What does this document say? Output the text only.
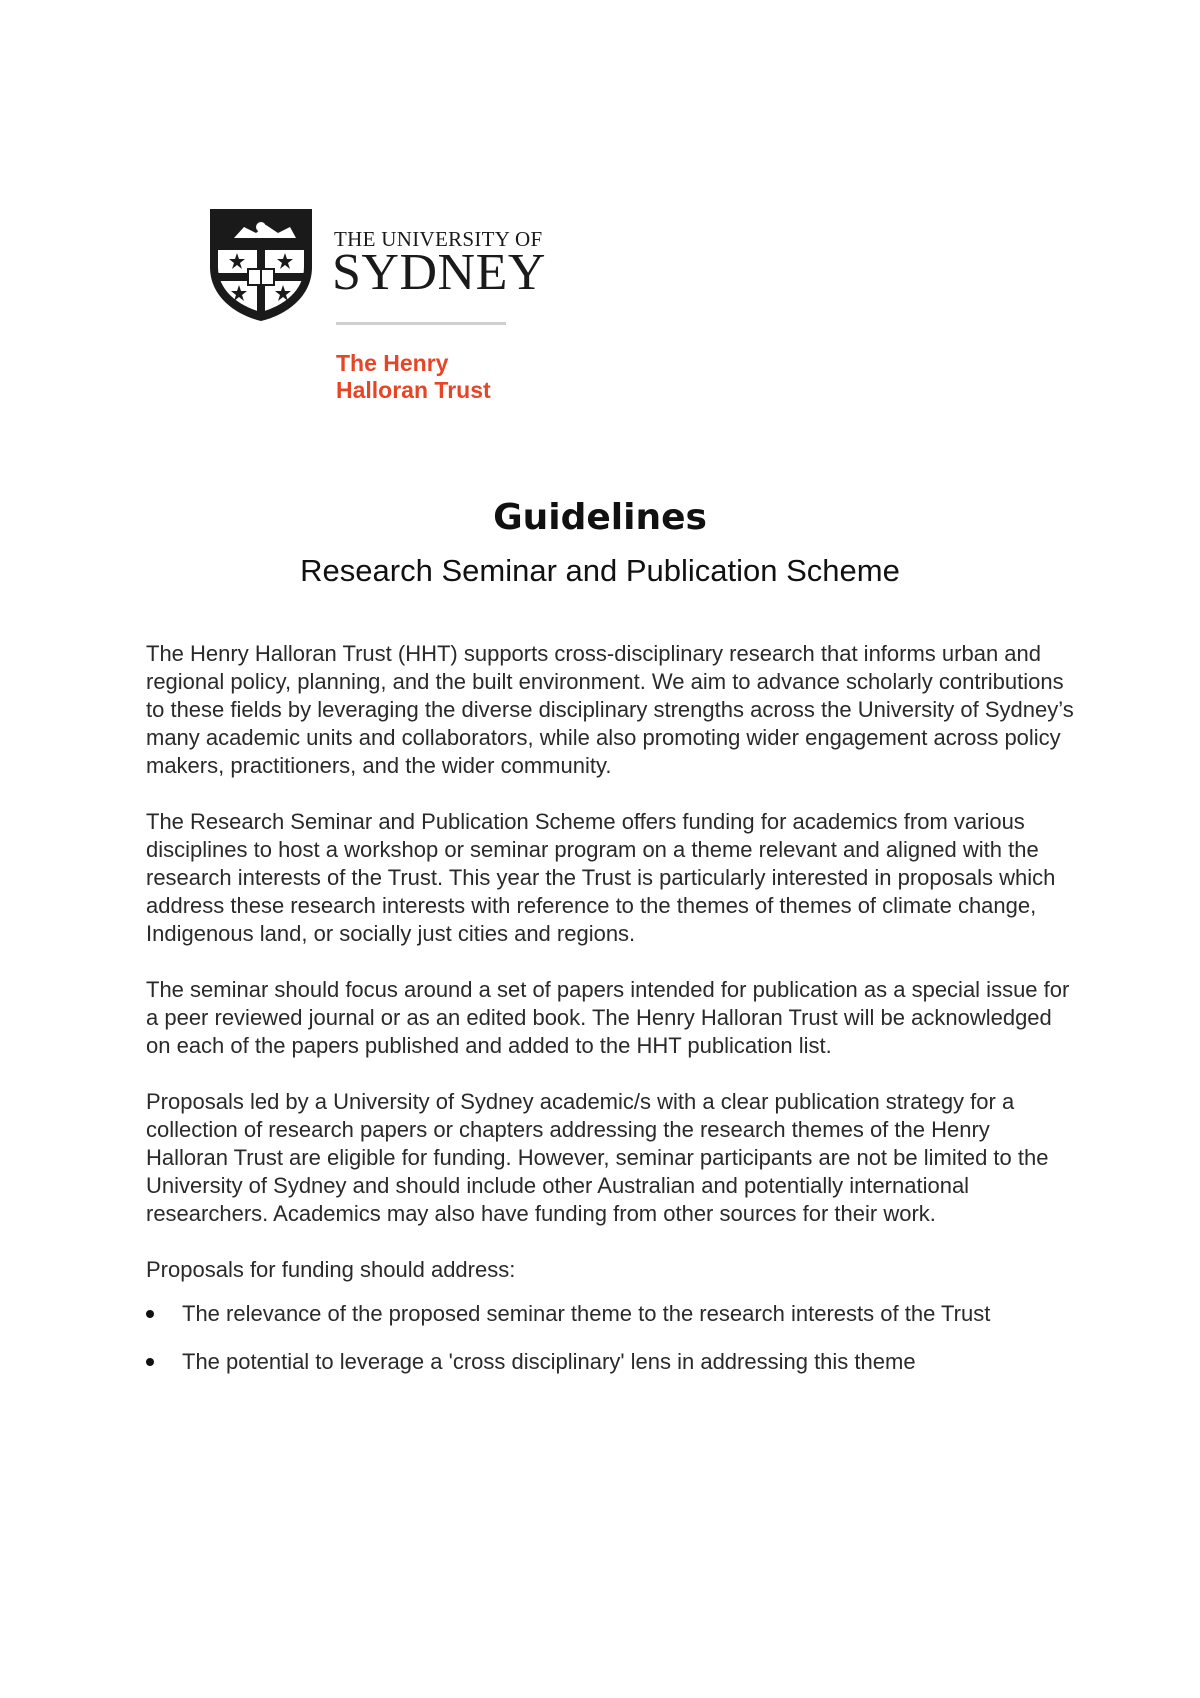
THE UNIVERSITY OF
SYDNEY
The Henry
Halloran Trust
Guidelines
Research Seminar and Publication Scheme

The Henry Halloran Trust (HHT) supports cross-disciplinary research that informs urban and regional policy, planning, and the built environment. We aim to advance scholarly contributions to these fields by leveraging the diverse disciplinary strengths across the University of Sydney’s many academic units and collaborators, while also promoting wider engagement across policy makers, practitioners, and the wider community.

The Research Seminar and Publication Scheme offers funding for academics from various disciplines to host a workshop or seminar program on a theme relevant and aligned with the research interests of the Trust. This year the Trust is particularly interested in proposals which address these research interests with reference to the themes of themes of climate change, Indigenous land, or socially just cities and regions.

The seminar should focus around a set of papers intended for publication as a special issue for a peer reviewed journal or as an edited book. The Henry Halloran Trust will be acknowledged on each of the papers published and added to the HHT publication list.

Proposals led by a University of Sydney academic/s with a clear publication strategy for a collection of research papers or chapters addressing the research themes of the Henry Halloran Trust are eligible for funding. However, seminar participants are not be limited to the University of Sydney and should include other Australian and potentially international researchers. Academics may also have funding from other sources for their work.

Proposals for funding should address:

The relevance of the proposed seminar theme to the research interests of the Trust
The potential to leverage a 'cross disciplinary' lens in addressing this theme
